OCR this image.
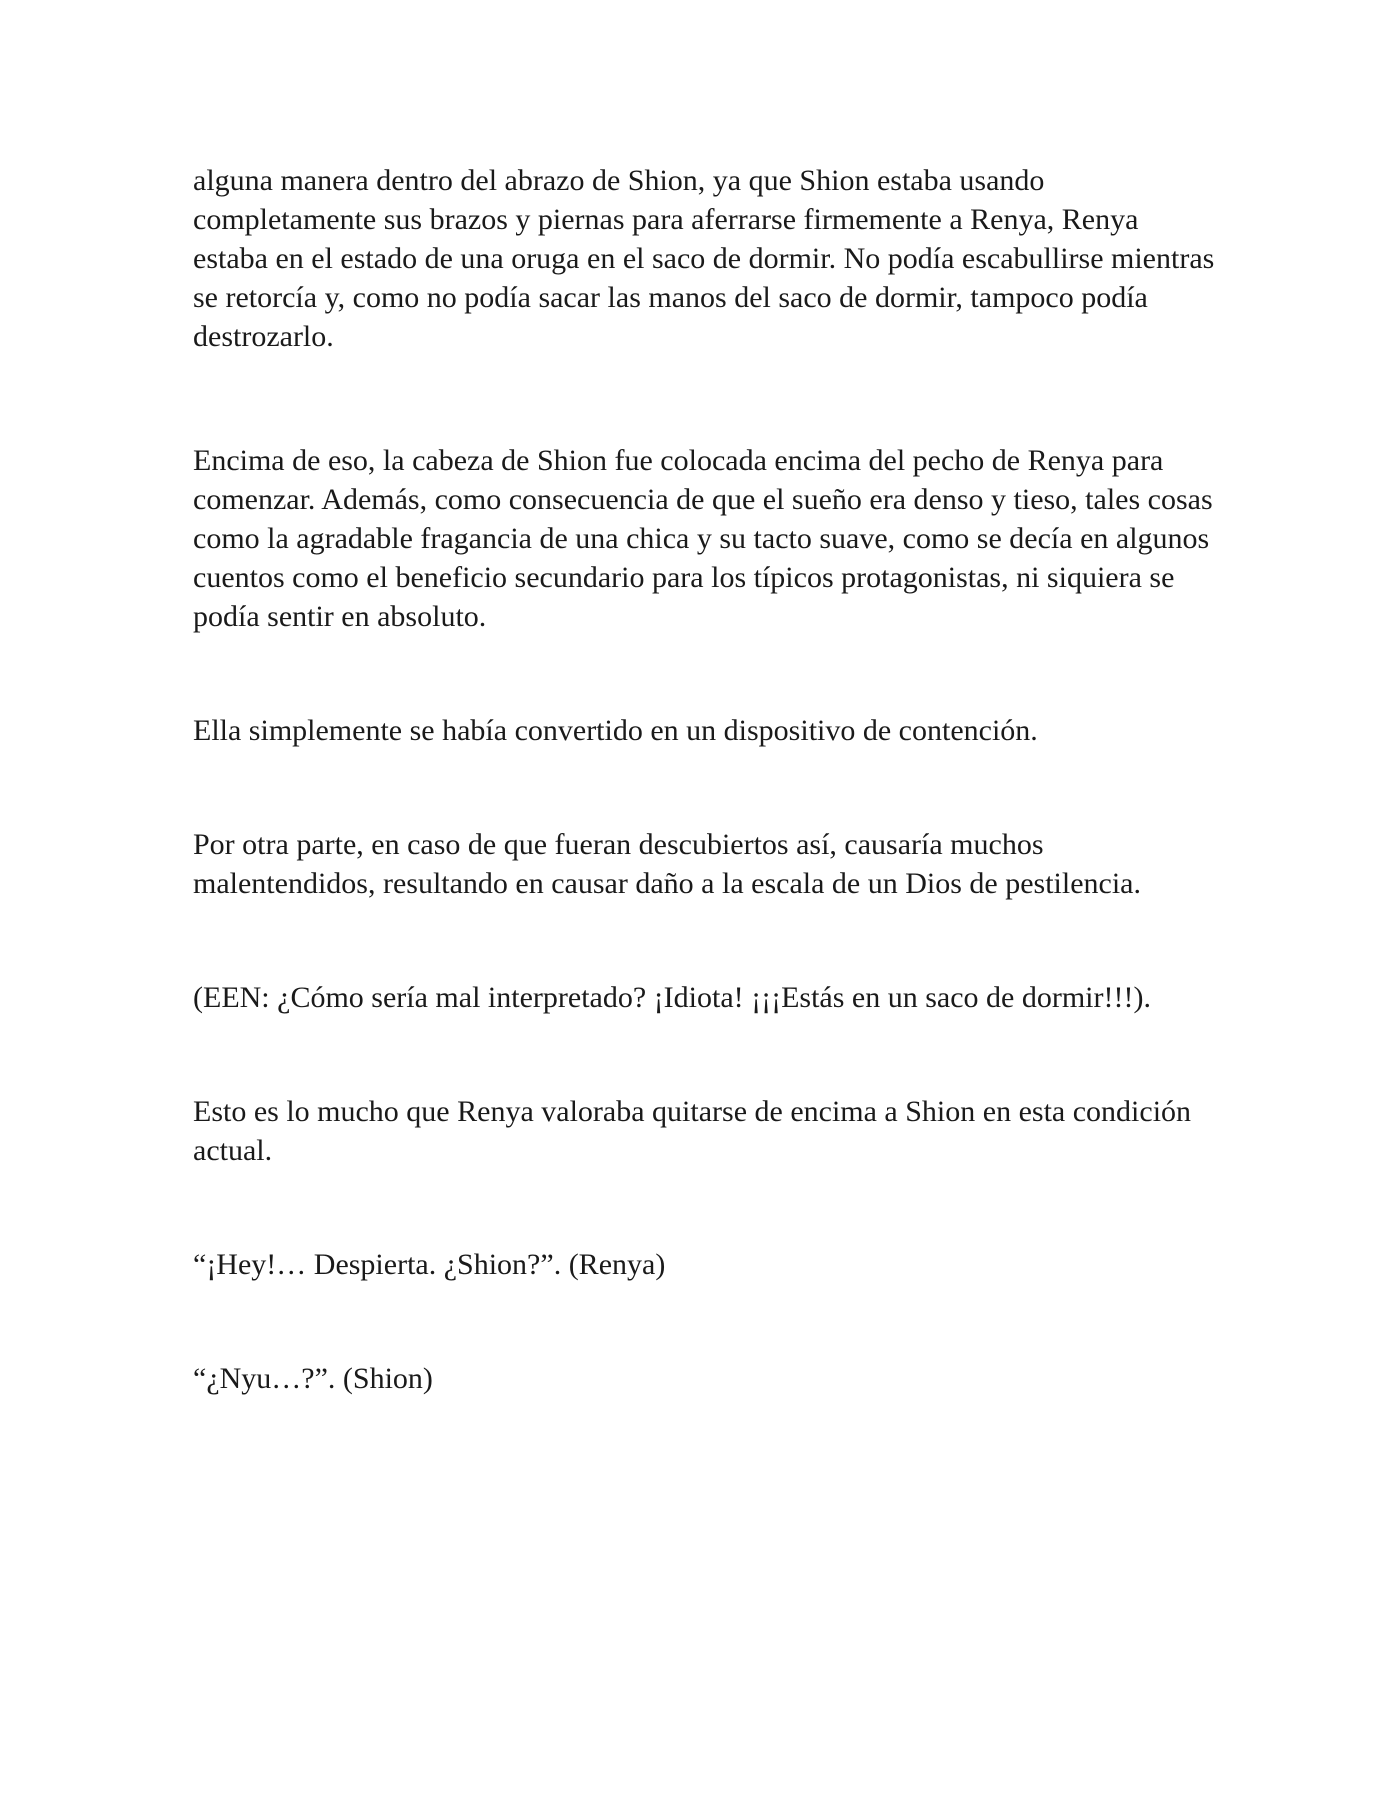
alguna manera dentro del abrazo de Shion, ya que Shion estaba usando completamente sus brazos y piernas para aferrarse firmemente a Renya, Renya estaba en el estado de una oruga en el saco de dormir. No podía escabullirse mientras se retorcía y, como no podía sacar las manos del saco de dormir, tampoco podía destrozarlo.

Encima de eso, la cabeza de Shion fue colocada encima del pecho de Renya para comenzar. Además, como consecuencia de que el sueño era denso y tieso, tales cosas como la agradable fragancia de una chica y su tacto suave, como se decía en algunos cuentos como el beneficio secundario para los típicos protagonistas, ni siquiera se podía sentir en absoluto.

Ella simplemente se había convertido en un dispositivo de contención.

Por otra parte, en caso de que fueran descubiertos así, causaría muchos malentendidos, resultando en causar daño a la escala de un Dios de pestilencia.

(EEN: ¿Cómo sería mal interpretado? ¡Idiota! ¡¡¡Estás en un saco de dormir!!!).

Esto es lo mucho que Renya valoraba quitarse de encima a Shion en esta condición actual.

“¡Hey!… Despierta. ¿Shion?”. (Renya)

“¿Nyu…?”. (Shion)
